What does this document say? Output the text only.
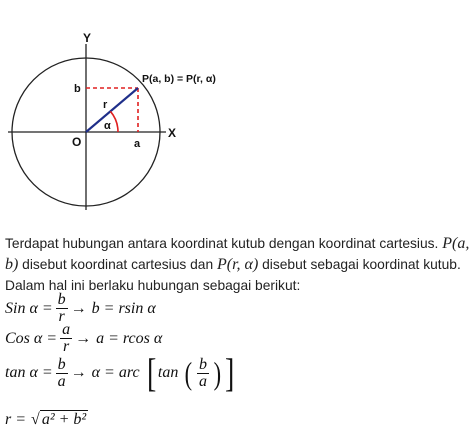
Y
X
O
P(a, b) = P(r, α)
b
a
r
α
Terdapat hubungan antara koordinat kutub dengan koordinat cartesius. P(a, b) disebut koordinat cartesius dan P(r, α) disebut sebagai koordinat kutub. Dalam hal ini berlaku hubungan sebagai berikut:
Sin $\alpha = \frac{b}{r} \to b = rsin$ α
Cos $\alpha = \frac{a}{r} \to a = rcos$ α
$\tan \alpha = \frac{b}{a} \to \alpha$ = arc [ tan ( $\frac{b}{a}$ ) ]
r = √ a² + b²
